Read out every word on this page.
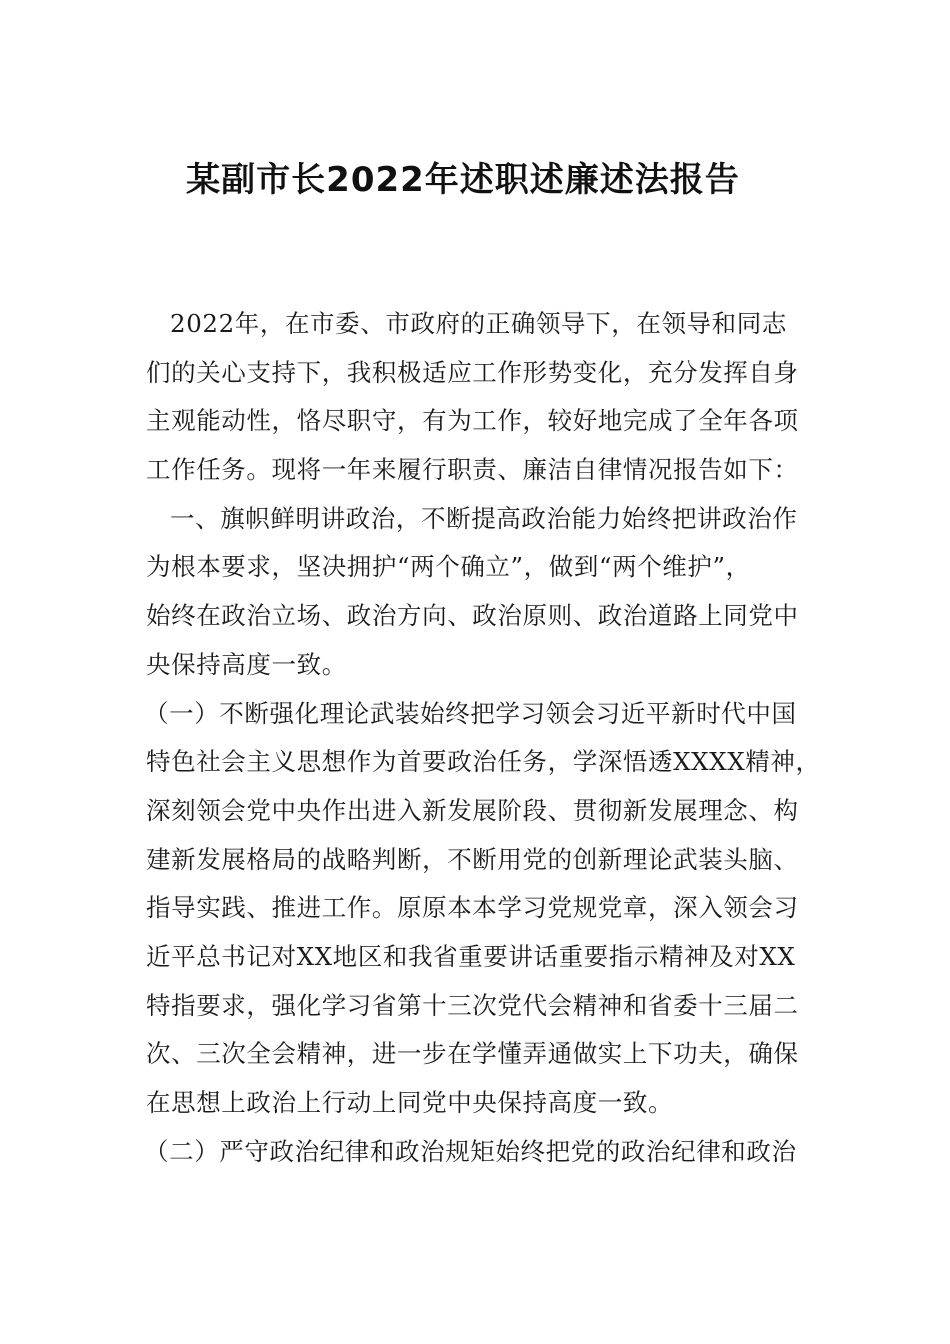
某副市长2022年述职述廉述法报告
2022年，在市委、市政府的正确领导下，在领导和同志
们的关心支持下，我积极适应工作形势变化，充分发挥自身
主观能动性，恪尽职守，有为工作，较好地完成了全年各项
工作任务。现将一年来履行职责、廉洁自律情况报告如下：
一、旗帜鲜明讲政治，不断提高政治能力始终把讲政治作
为根本要求，坚决拥护“两个确立”，做到“两个维护”，
始终在政治立场、政治方向、政治原则、政治道路上同党中
央保持高度一致。
（一）不断强化理论武装始终把学习领会习近平新时代中国
特色社会主义思想作为首要政治任务，学深悟透XXXX精神，
深刻领会党中央作出进入新发展阶段、贯彻新发展理念、构
建新发展格局的战略判断，不断用党的创新理论武装头脑、
指导实践、推进工作。原原本本学习党规党章，深入领会习
近平总书记对XX地区和我省重要讲话重要指示精神及对XX
特指要求，强化学习省第十三次党代会精神和省委十三届二
次、三次全会精神，进一步在学懂弄通做实上下功夫，确保
在思想上政治上行动上同党中央保持高度一致。
（二）严守政治纪律和政治规矩始终把党的政治纪律和政治
